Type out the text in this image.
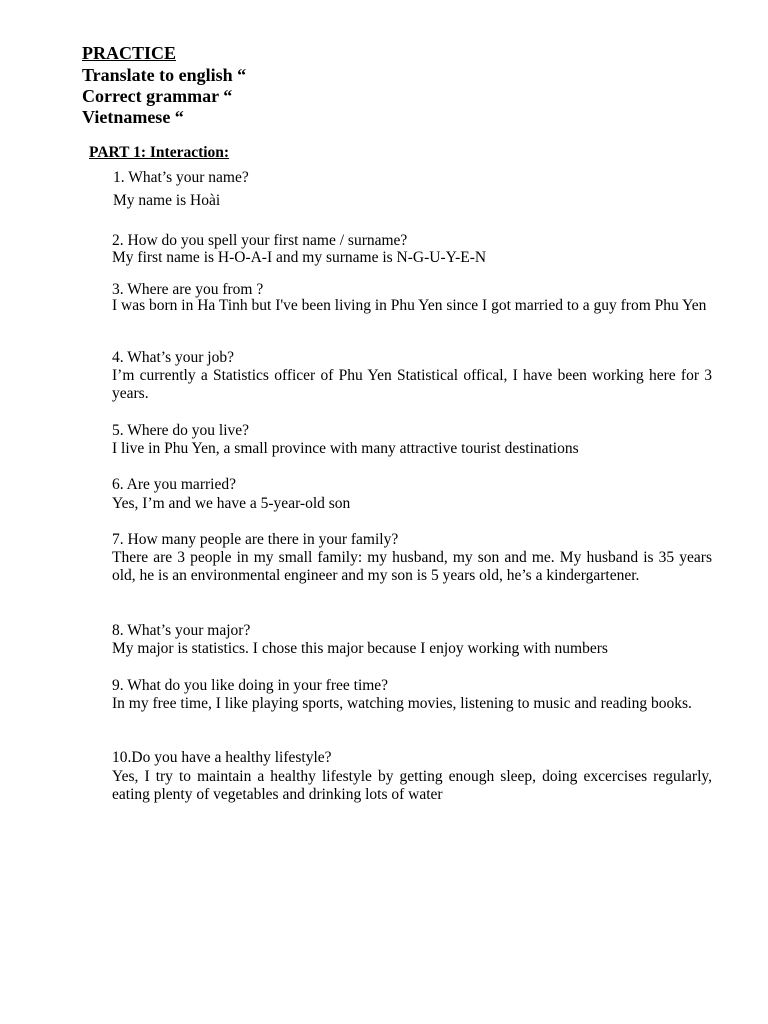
PRACTICE
Translate to english “
Correct grammar “
Vietnamese “
PART 1: Interaction:
1. What’s your name?
My name is Hoài
2. How do you spell your first name / surname?
My first name is H-O-A-I and my surname is N-G-U-Y-E-N
3. Where are you from ?
I was born in Ha Tinh but I've been living in Phu Yen since I got married to a guy from Phu Yen
4. What’s your job?
I’m currently a Statistics officer of Phu Yen Statistical offical, I have been working here for 3 years.
5. Where do you live?
I live in Phu Yen, a small province with many attractive tourist destinations
6. Are you married?
Yes, I’m and we have a 5-year-old son
7. How many people are there in your family?
There are 3 people in my small family: my husband, my son and me. My husband is 35 years old, he is an environmental engineer and my son is 5 years old, he’s a kindergartener.
8. What’s your major?
My major is statistics. I chose this major because I enjoy working with numbers
9. What do you like doing in your free time?
In my free time, I like playing sports, watching movies, listening to music and reading books.
10.Do you have a healthy lifestyle?
Yes, I try to maintain a healthy lifestyle by getting enough sleep, doing excercises regularly, eating plenty of vegetables and drinking lots of water
